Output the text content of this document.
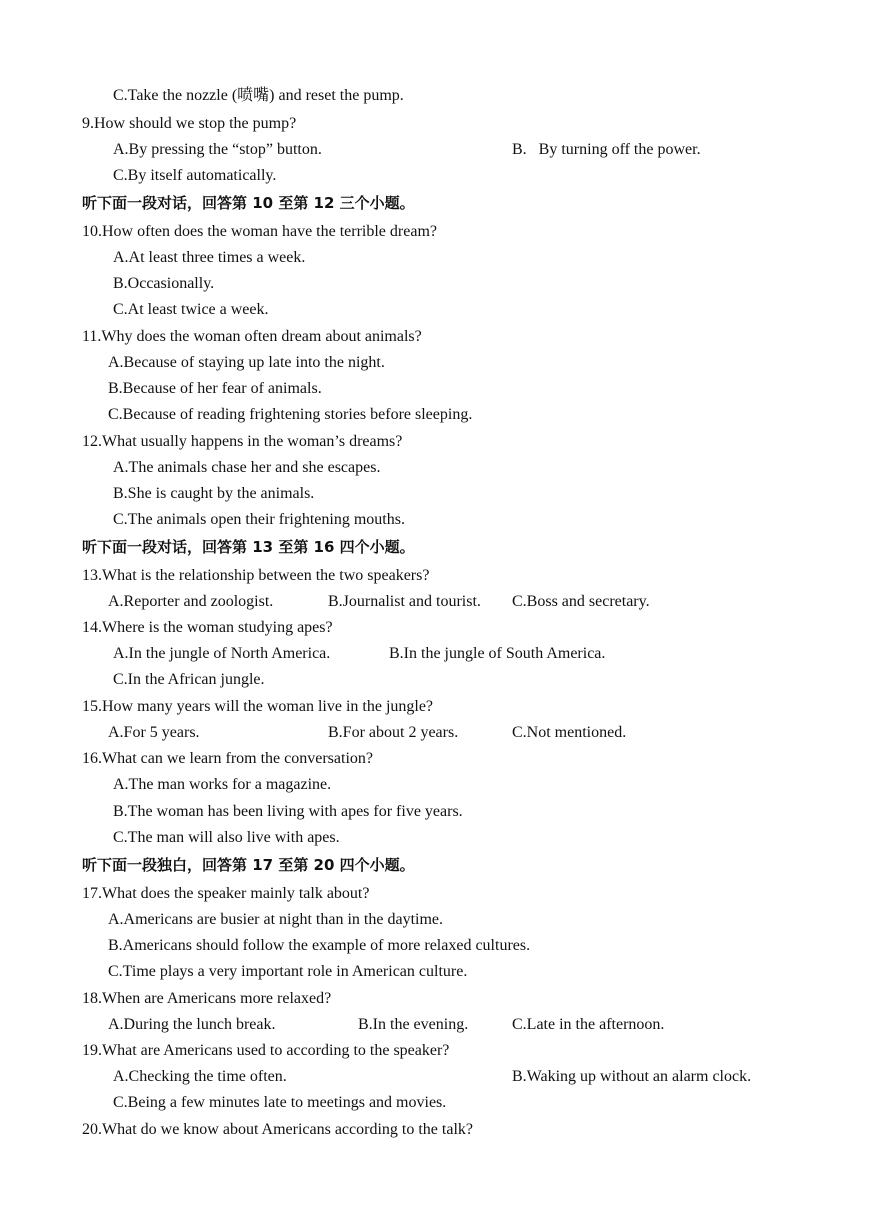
C.Take the nozzle (喷嘴) and reset the pump.
9.How should we stop the pump?
A.By pressing the “stop” button.	B.   By turning off the power.
C.By itself automatically.
听下面一段对话，回答第 10 至第 12 三个小题。
10.How often does the woman have the terrible dream?
A.At least three times a week.
B.Occasionally.
C.At least twice a week.
11.Why does the woman often dream about animals?
A.Because of staying up late into the night.
B.Because of her fear of animals.
C.Because of reading frightening stories before sleeping.
12.What usually happens in the woman’s dreams?
A.The animals chase her and she escapes.
B.She is caught by the animals.
C.The animals open their frightening mouths.
听下面一段对话，回答第 13 至第 16 四个小题。
13.What is the relationship between the two speakers?
A.Reporter and zoologist.	B.Journalist and tourist. C.Boss and secretary.
14.Where is the woman studying apes?
A.In the jungle of North America.	B.In the jungle of South America.
C.In the African jungle.
15.How many years will the woman live in the jungle?
A.For 5 years.	B.For about 2 years.	C.Not mentioned.
16.What can we learn from the conversation?
A.The man works for a magazine.
B.The woman has been living with apes for five years.
C.The man will also live with apes.
听下面一段独白，回答第 17 至第 20 四个小题。
17.What does the speaker mainly talk about?
A.Americans are busier at night than in the daytime.
B.Americans should follow the example of more relaxed cultures.
C.Time plays a very important role in American culture.
18.When are Americans more relaxed?
A.During the lunch break.	B.In the evening.	C.Late in the afternoon.
19.What are Americans used to according to the speaker?
A.Checking the time often.	B.Waking up without an alarm clock.
C.Being a few minutes late to meetings and movies.
20.What do we know about Americans according to the talk?
